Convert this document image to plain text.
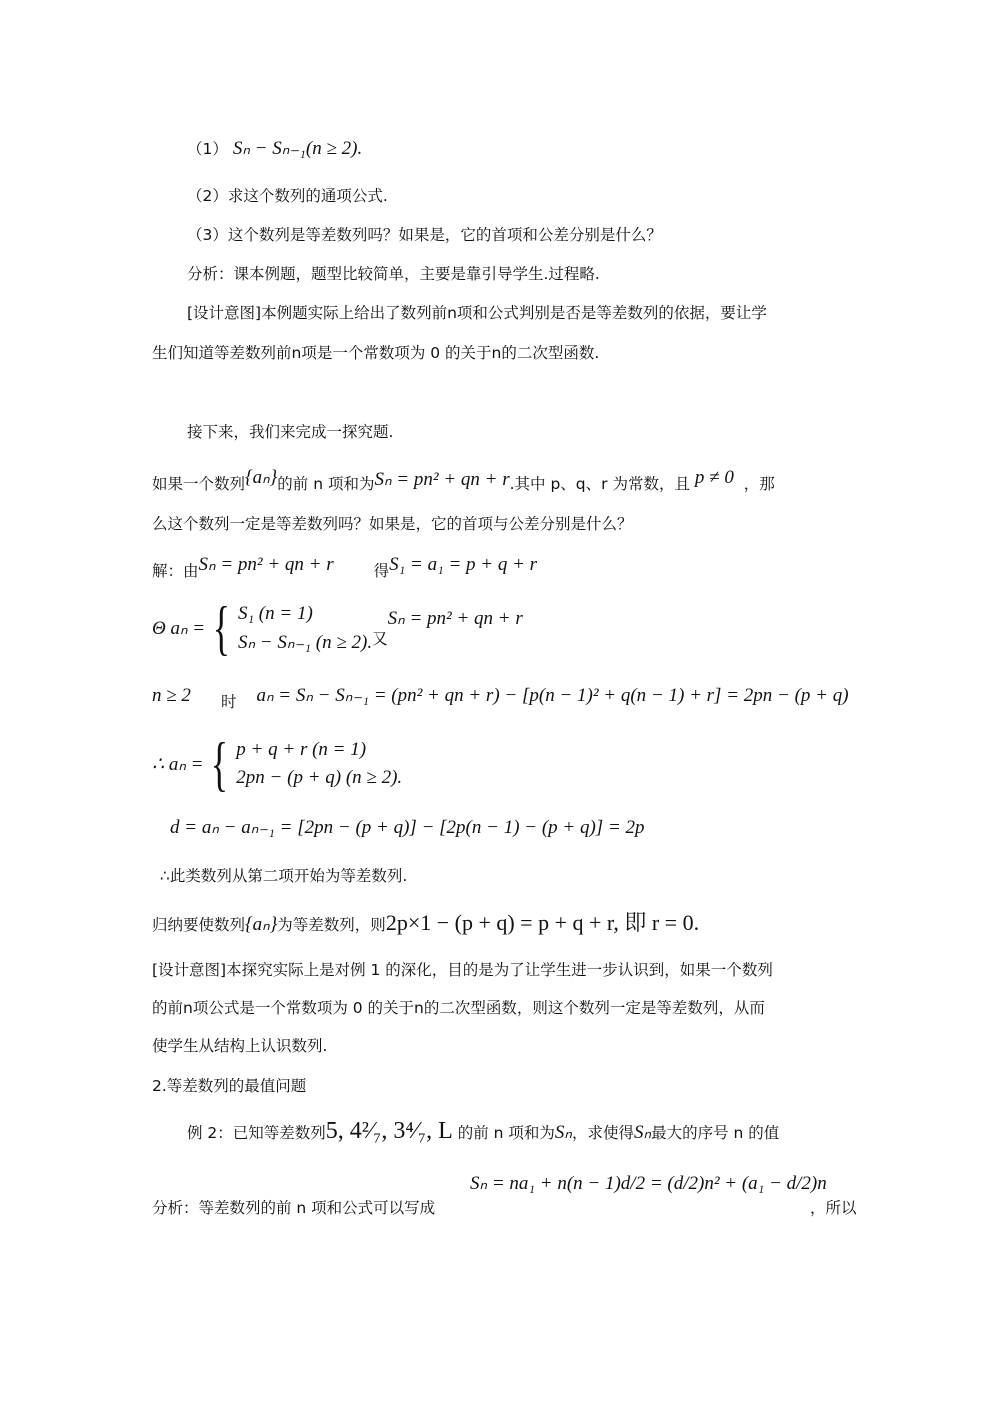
（1） Sₙ − Sₙ₋₁(n ≥ 2).
（2）求这个数列的通项公式.
（3）这个数列是等差数列吗？如果是，它的首项和公差分别是什么？
分析：课本例题，题型比较简单，主要是靠引导学生.过程略.
[设计意图]本例题实际上给出了数列前n项和公式判别是否是等差数列的依据，要让学
生们知道等差数列前n项是一个常数项为 0 的关于n的二次型函数.
接下来，我们来完成一探究题.
如果一个数列{aₙ}的前 n 项和为Sₙ = pn² + qn + r.其中 p、q、r 为常数，且 p ≠ 0 ，那
么这个数列一定是等差数列吗？如果是，它的首项与公差分别是什么？
解：由Sₙ = pn² + qn + r	得S₁ = a₁ = p + q + r
Θ aₙ = { S₁ (n = 1)
Sₙ − Sₙ₋₁ (n ≥ 2). 又
Sₙ = pn² + qn + r
n ≥ 2 时 aₙ = Sₙ − Sₙ₋₁ = (pn² + qn + r) − [p(n − 1)² + q(n − 1) + r] = 2pn − (p + q)
∴ aₙ = { p + q + r (n = 1)
2pn − (p + q) (n ≥ 2).
d = aₙ − aₙ₋₁ = [2pn − (p + q)] − [2p(n − 1) − (p + q)] = 2p
∴此类数列从第二项开始为等差数列.
归纳要使数列{aₙ}为等差数列，则2p×1 − (p + q) = p + q + r, 即 r = 0.
[设计意图]本探究实际上是对例 1 的深化，目的是为了让学生进一步认识到，如果一个数列
的前n项公式是一个常数项为 0 的关于n的二次型函数，则这个数列一定是等差数列，从而
使学生从结构上认识数列.
2.等差数列的最值问题
例 2：已知等差数列5, 4²⁄₇, 3⁴⁄₇, L 的前 n 项和为Sₙ，求使得Sₙ最大的序号 n 的值
分析：等差数列的前 n 项和公式可以写成
Sₙ = na₁ + n(n − 1)d/2 = (d/2)n² + (a₁ − d/2)n
，所以
